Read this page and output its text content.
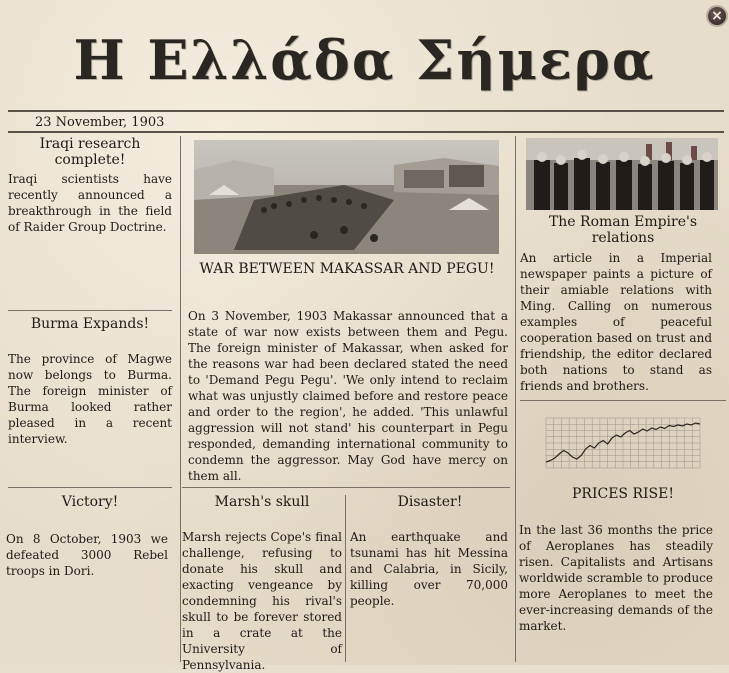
Η Ελλάδα Σήμερα
×
23 November, 1903
Iraqi research complete!
Iraqi scientists have recently announced a breakthrough in the field of Raider Group Doctrine.
Burma Expands!
The province of Magwe now belongs to Burma. The foreign minister of Burma looked rather pleased in a recent interview.
Victory!
On 8 October, 1903 we defeated 3000 Rebel troops in Dori.
WAR BETWEEN MAKASSAR AND PEGU!
On 3 November, 1903 Makassar announced that a state of war now exists between them and Pegu. The foreign minister of Makassar, when asked for the reasons war had been declared stated the need to 'Demand Pegu Pegu'. 'We only intend to reclaim what was unjustly claimed before and restore peace and order to the region', he added. 'This unlawful aggression will not stand' his counterpart in Pegu responded, demanding international community to condemn the aggressor. May God have mercy on them all.
Marsh's skull
Marsh rejects Cope's final challenge, refusing to donate his skull and exacting vengeance by condemning his rival's skull to be forever stored in a crate at the University of Pennsylvania.
Disaster!
An earthquake and tsunami has hit Messina and Calabria, in Sicily, killing over 70,000 people.
The Roman Empire's relations
An article in a Imperial newspaper paints a picture of their amiable relations with Ming. Calling on numerous examples of peaceful cooperation based on trust and friendship, the editor declared both nations to stand as friends and brothers.
PRICES RISE!
In the last 36 months the price of Aeroplanes has steadily risen. Capitalists and Artisans worldwide scramble to produce more Aeroplanes to meet the ever-increasing demands of the market.
